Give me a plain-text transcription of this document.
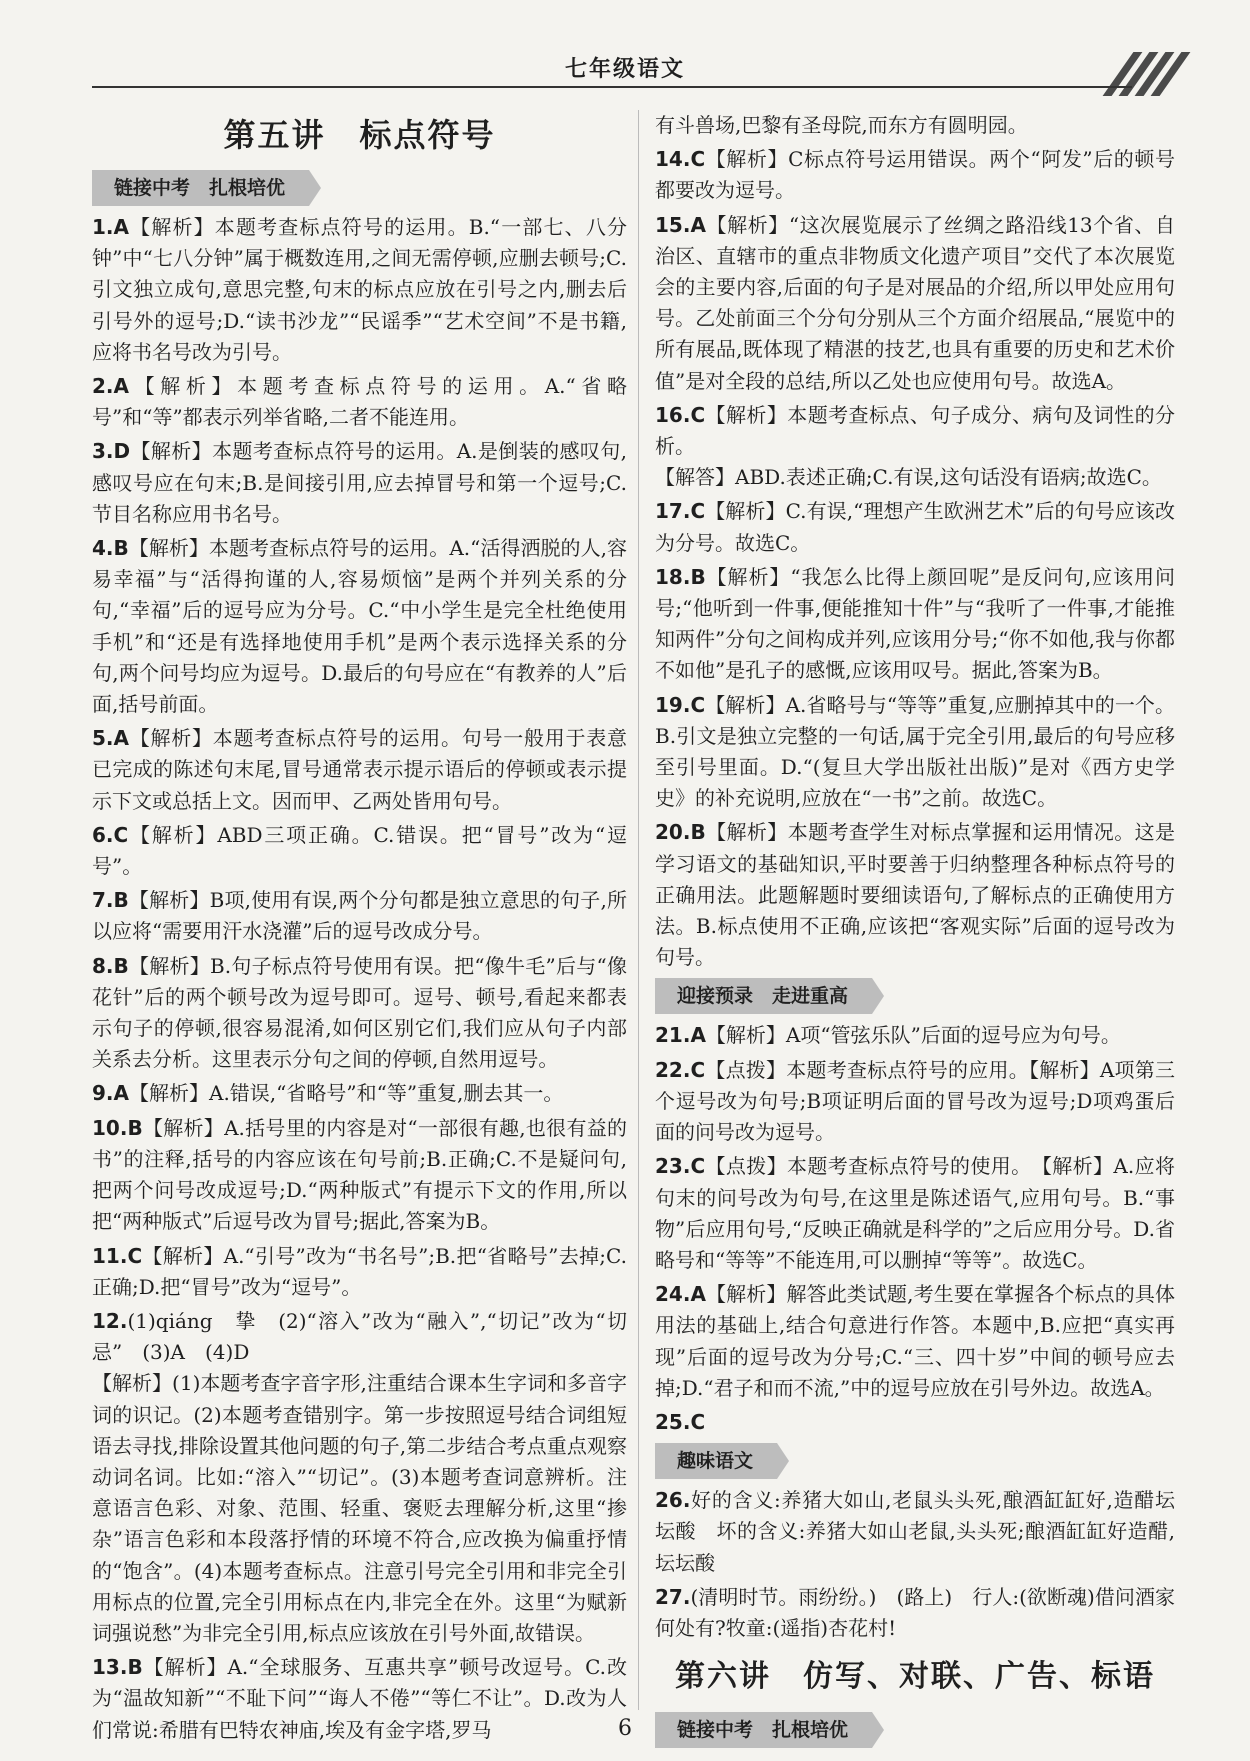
七年级语文
第五讲　标点符号
链接中考　扎根培优

1.A【解析】本题考查标点符号的运用。B.“一部七、八分钟”中“七八分钟”属于概数连用,之间无需停顿,应删去顿号;C.引文独立成句,意思完整,句末的标点应放在引号之内,删去后引号外的逗号;D.“读书沙龙”“民谣季”“艺术空间”不是书籍,应将书名号改为引号。

2.A【解析】本题考查标点符号的运用。A.“省略号”和“等”都表示列举省略,二者不能连用。

3.D【解析】本题考查标点符号的运用。A.是倒装的感叹句,感叹号应在句末;B.是间接引用,应去掉冒号和第一个逗号;C.节目名称应用书名号。

4.B【解析】本题考查标点符号的运用。A.“活得洒脱的人,容易幸福”与“活得拘谨的人,容易烦恼”是两个并列关系的分句,“幸福”后的逗号应为分号。C.“中小学生是完全杜绝使用手机”和“还是有选择地使用手机”是两个表示选择关系的分句,两个问号均应为逗号。D.最后的句号应在“有教养的人”后面,括号前面。

5.A【解析】本题考查标点符号的运用。句号一般用于表意已完成的陈述句末尾,冒号通常表示提示语后的停顿或表示提示下文或总括上文。因而甲、乙两处皆用句号。

6.C【解析】ABD三项正确。C.错误。把“冒号”改为“逗号”。

7.B【解析】B项,使用有误,两个分句都是独立意思的句子,所以应将“需要用汗水浇灌”后的逗号改成分号。

8.B【解析】B.句子标点符号使用有误。把“像牛毛”后与“像花针”后的两个顿号改为逗号即可。逗号、顿号,看起来都表示句子的停顿,很容易混淆,如何区别它们,我们应从句子内部关系去分析。这里表示分句之间的停顿,自然用逗号。

9.A【解析】A.错误,“省略号”和“等”重复,删去其一。

10.B【解析】A.括号里的内容是对“一部很有趣,也很有益的书”的注释,括号的内容应该在句号前;B.正确;C.不是疑问句,把两个问号改成逗号;D.“两种版式”有提示下文的作用,所以把“两种版式”后逗号改为冒号;据此,答案为B。

11.C【解析】A.“引号”改为“书名号”;B.把“省略号”去掉;C.正确;D.把“冒号”改为“逗号”。

12.(1)qiáng　挚　(2)“溶入”改为“融入”,“切记”改为“切忌”　(3)A　(4)D

【解析】(1)本题考查字音字形,注重结合课本生字词和多音字词的识记。(2)本题考查错别字。第一步按照逗号结合词组短语去寻找,排除设置其他问题的句子,第二步结合考点重点观察动词名词。比如:“溶入”“切记”。(3)本题考查词意辨析。注意语言色彩、对象、范围、轻重、褒贬去理解分析,这里“掺杂”语言色彩和本段落抒情的环境不符合,应改换为偏重抒情的“饱含”。(4)本题考查标点。注意引号完全引用和非完全引用标点的位置,完全引用标点在内,非完全在外。这里“为赋新词强说愁”为非完全引用,标点应该放在引号外面,故错误。

13.B【解析】A.“全球服务、互惠共享”顿号改逗号。C.改为“温故知新”“不耻下问”“诲人不倦”“等仁不让”。D.改为人们常说:希腊有巴特农神庙,埃及有金字塔,罗马

有斗兽场,巴黎有圣母院,而东方有圆明园。

14.C【解析】C标点符号运用错误。两个“阿发”后的顿号都要改为逗号。

15.A【解析】“这次展览展示了丝绸之路沿线13个省、自治区、直辖市的重点非物质文化遗产项目”交代了本次展览会的主要内容,后面的句子是对展品的介绍,所以甲处应用句号。乙处前面三个分句分别从三个方面介绍展品,“展览中的所有展品,既体现了精湛的技艺,也具有重要的历史和艺术价值”是对全段的总结,所以乙处也应使用句号。故选A。

16.C【解析】本题考查标点、句子成分、病句及词性的分析。

【解答】ABD.表述正确;C.有误,这句话没有语病;故选C。

17.C【解析】C.有误,“理想产生欧洲艺术”后的句号应该改为分号。故选C。

18.B【解析】“我怎么比得上颜回呢”是反问句,应该用问号;“他听到一件事,便能推知十件”与“我听了一件事,才能推知两件”分句之间构成并列,应该用分号;“你不如他,我与你都不如他”是孔子的感慨,应该用叹号。据此,答案为B。

19.C【解析】A.省略号与“等等”重复,应删掉其中的一个。B.引文是独立完整的一句话,属于完全引用,最后的句号应移至引号里面。D.“(复旦大学出版社出版)”是对《西方史学史》的补充说明,应放在“一书”之前。故选C。

20.B【解析】本题考查学生对标点掌握和运用情况。这是学习语文的基础知识,平时要善于归纳整理各种标点符号的正确用法。此题解题时要细读语句,了解标点的正确使用方法。B.标点使用不正确,应该把“客观实际”后面的逗号改为句号。

迎接预录　走进重高

21.A【解析】A项“管弦乐队”后面的逗号应为句号。

22.C【点拨】本题考查标点符号的应用。【解析】A项第三个逗号改为句号;B项证明后面的冒号改为逗号;D项鸡蛋后面的问号改为逗号。

23.C【点拨】本题考查标点符号的使用。　【解析】A.应将句末的问号改为句号,在这里是陈述语气,应用句号。B.“事物”后应用句号,“反映正确就是科学的”之后应用分号。D.省略号和“等等”不能连用,可以删掉“等等”。故选C。

24.A【解析】解答此类试题,考生要在掌握各个标点的具体用法的基础上,结合句意进行作答。本题中,B.应把“真实再现”后面的逗号改为分号;C.“三、四十岁”中间的顿号应去掉;D.“君子和而不流,”中的逗号应放在引号外边。故选A。

25.C

趣味语文

26.好的含义:养猪大如山,老鼠头头死,酿酒缸缸好,造醋坛坛酸　坏的含义:养猪大如山老鼠,头头死;酿酒缸缸好造醋,坛坛酸

27.(清明时节。雨纷纷。)　(路上)　行人:(欲断魂)借问酒家何处有?牧童:(遥指)杏花村!

第六讲　仿写、对联、广告、标语
链接中考　扎根培优
6
